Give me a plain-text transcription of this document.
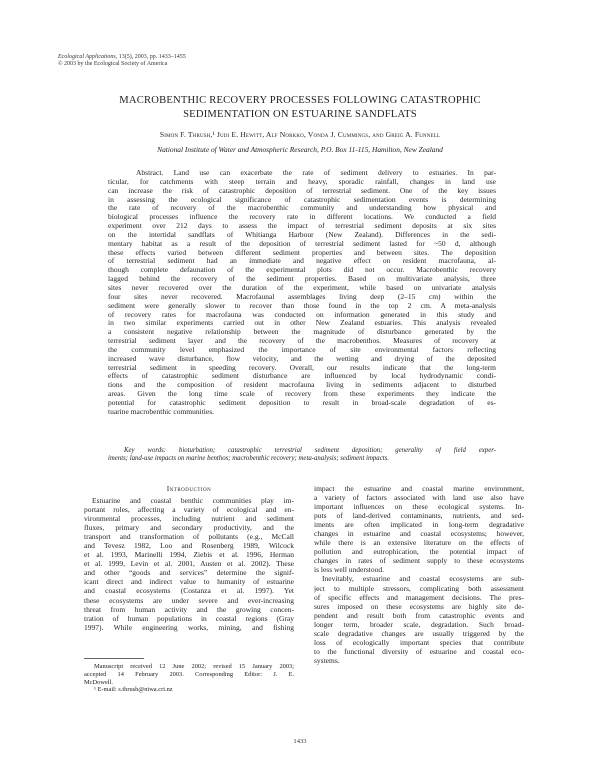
Ecological Applications, 13(5), 2003, pp. 1433–1455
© 2003 by the Ecological Society of America
MACROBENTHIC RECOVERY PROCESSES FOLLOWING CATASTROPHIC
SEDIMENTATION ON ESTUARINE SANDFLATS
Simon F. Thrush,¹ Judi E. Hewitt, Alf Norkko, Vonda J. Cummings, and Greig A. Funnell
National Institute of Water and Atmospheric Research, P.O. Box 11-115, Hamilton, New Zealand
Abstract. Land use can exacerbate the rate of sediment delivery to estuaries. In par-
ticular, for catchments with steep terrain and heavy, sporadic rainfall, changes in land use
can increase the risk of catastrophic deposition of terrestrial sediment. One of the key issues
in assessing the ecological significance of catastrophic sedimentation events is determining
the rate of recovery of the macrobenthic community and understanding how physical and
biological processes influence the recovery rate in different locations. We conducted a field
experiment over 212 days to assess the impact of terrestrial sediment deposits at six sites
on the intertidal sandflats of Whitianga Harbour (New Zealand). Differences in the sedi-
mentary habitat as a result of the deposition of terrestrial sediment lasted for ~50 d, although
these effects varied between different sediment properties and between sites. The deposition
of terrestrial sediment had an immediate and negative effect on resident macrofauna, al-
though complete defaunation of the experimental plots did not occur. Macrobenthic recovery
lagged behind the recovery of the sediment properties. Based on multivariate analysis, three
sites never recovered over the duration of the experiment, while based on univariate analysis
four sites never recovered. Macrofaunal assemblages living deep (2–15 cm) within the
sediment were generally slower to recover than those found in the top 2 cm. A meta-analysis
of recovery rates for macrofauna was conducted on information generated in this study and
in two similar experiments carried out in other New Zealand estuaries. This analysis revealed
a consistent negative relationship between the magnitude of disturbance generated by the
terrestrial sediment layer and the recovery of the macrobenthos. Measures of recovery at
the community level emphasized the importance of site environmental factors reflecting
increased wave disturbance, flow velocity, and the wetting and drying of the deposited
terrestrial sediment in speeding recovery. Overall, our results indicate that the long-term
effects of catastrophic sediment disturbance are influenced by local hydrodynamic condi-
tions and the composition of resident macrofauna living in sediments adjacent to disturbed
areas. Given the long time scale of recovery from these experiments they indicate the
potential for catastrophic sediment deposition to result in broad-scale degradation of es-
tuarine macrobenthic communities.
Key words: bioturbation; catastrophic terrestrial sediment deposition; generality of field exper-
iments; land-use impacts on marine benthos; macrobenthic recovery; meta-analysis; sediment impacts.
Introduction
Estuarine and coastal benthic communities play im-
portant roles, affecting a variety of ecological and en-
vironmental processes, including nutrient and sediment
fluxes, primary and secondary productivity, and the
transport and transformation of pollutants (e.g., McCall
and Tevesz 1982, Loo and Rosenberg 1989, Wilcock
et al. 1993, Marinelli 1994, Ziebis et al. 1996, Herman
et al. 1999, Levin et al. 2001, Austen et al. 2002). These
and other “goods and services” determine the signif-
icant direct and indirect value to humanity of estuarine
and coastal ecosystems (Costanza et al. 1997). Yet
these ecosystems are under severe and ever-increasing
threat from human activity and the growing concen-
tration of human populations in coastal regions (Gray
1997). While engineering works, mining, and fishing
impact the estuarine and coastal marine environment,
a variety of factors associated with land use also have
important influences on these ecological systems. In-
puts of land-derived contaminants, nutrients, and sed-
iments are often implicated in long-term degradative
changes in estuarine and coastal ecosystems; however,
while there is an extensive literature on the effects of
pollution and eutrophication, the potential impact of
changes in rates of sediment supply to these ecosystems
is less well understood.
Inevitably, estuarine and coastal ecosystems are sub-
ject to multiple stressors, complicating both assessment
of specific effects and management decisions. The pres-
sures imposed on these ecosystems are highly site de-
pendent and result both from catastrophic events and
longer term, broader scale, degradation. Such broad-
scale degradative changes are usually triggered by the
loss of ecologically important species that contribute
to the functional diversity of estuarine and coastal eco-
systems.
Manuscript received 12 June 2002; revised 15 January 2003;
accepted 14 February 2003. Corresponding Editor: J. E.
McDowell.
¹ E-mail: s.thrush@niwa.cri.nz
1433
